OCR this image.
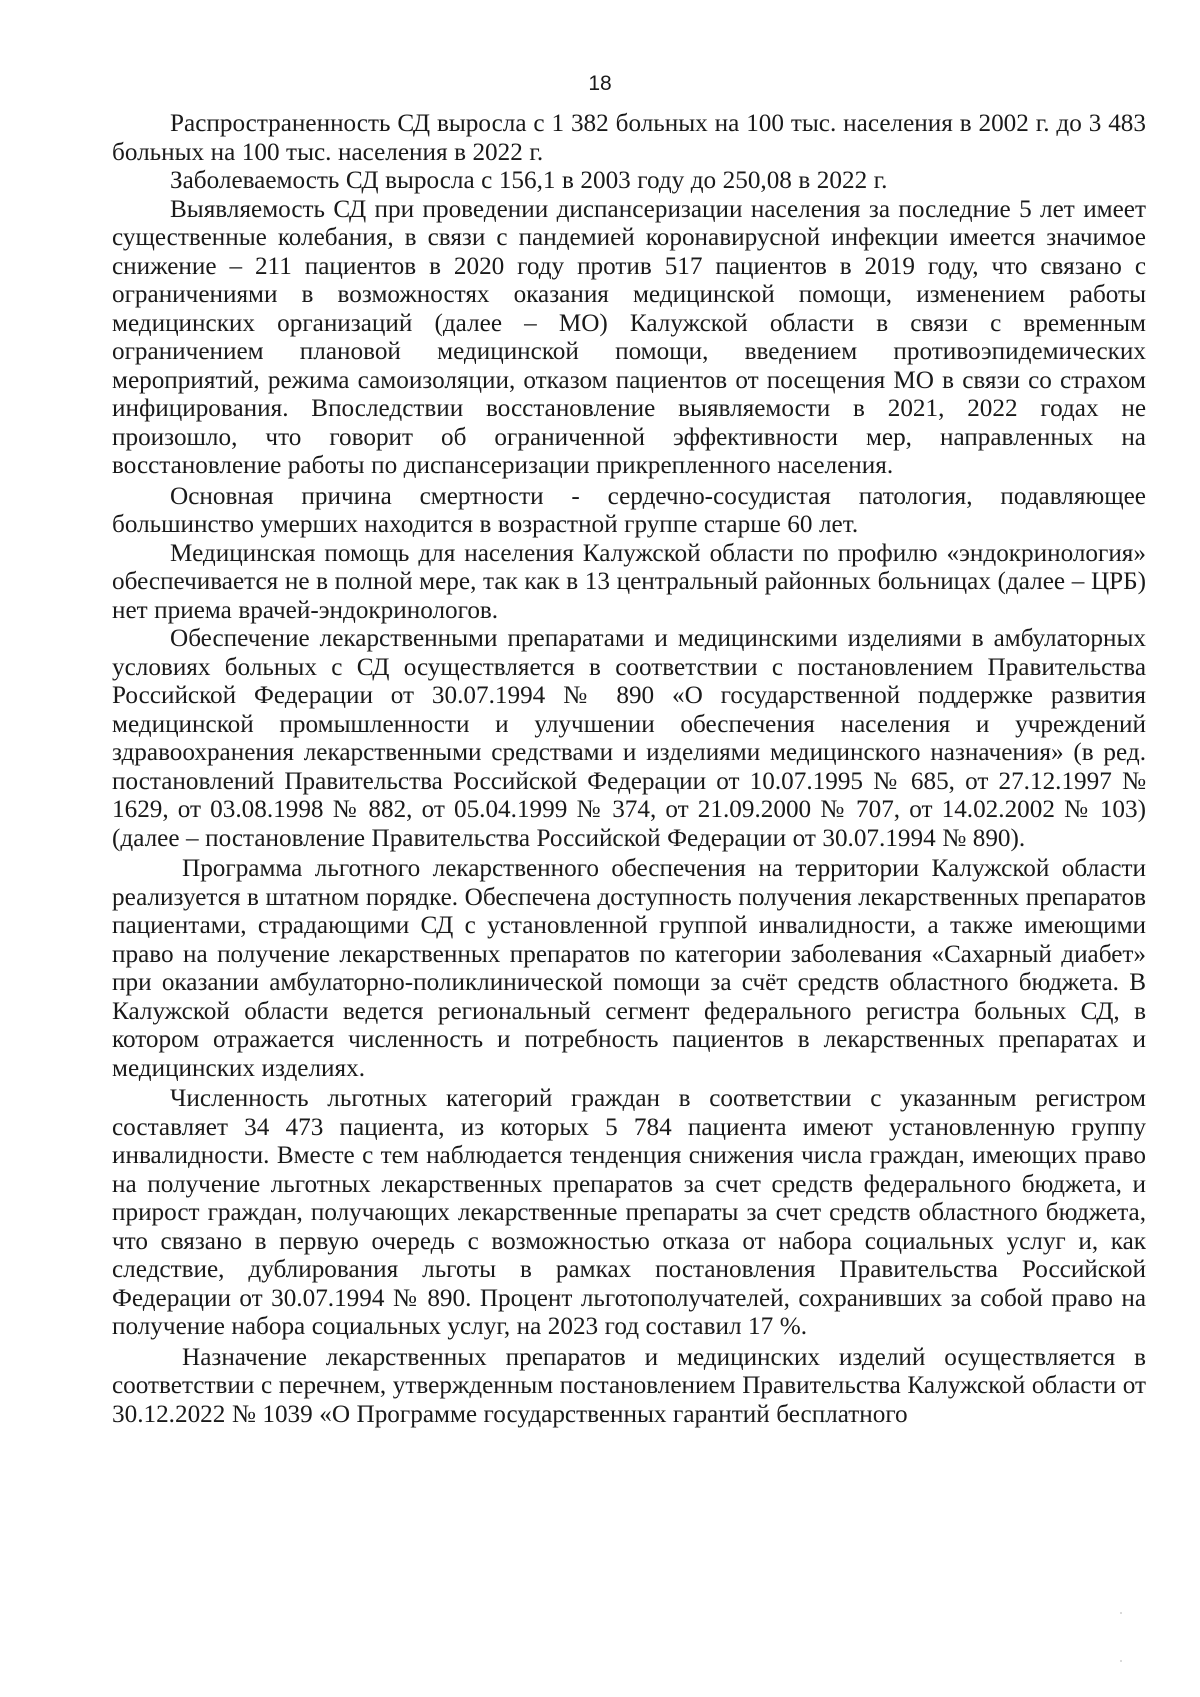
18

Распространенность СД выросла с 1 382 больных на 100 тыс. населения в 2002 г. до 3 483 больных на 100 тыс. населения в 2022 г.

Заболеваемость СД выросла с 156,1 в 2003 году до 250,08 в 2022 г.

Выявляемость СД при проведении диспансеризации населения за последние 5 лет имеет существенные колебания, в связи с пандемией коронавирусной инфекции имеется значимое снижение – 211 пациентов в 2020 году против 517 пациентов в 2019 году, что связано с ограничениями в возможностях оказания медицинской помощи, изменением работы медицинских организаций (далее – МО) Калужской области в связи с временным ограничением плановой медицинской помощи, введением противоэпидемических мероприятий, режима самоизоляции, отказом пациентов от посещения МО в связи со страхом инфицирования. Впоследствии восстановление выявляемости в 2021, 2022 годах не произошло, что говорит об ограниченной эффективности мер, направленных на восстановление работы по диспансеризации прикрепленного населения.

Основная причина смертности - сердечно-сосудистая патология, подавляющее большинство умерших находится в возрастной группе старше 60 лет.

Медицинская помощь для населения Калужской области по профилю «эндокринология» обеспечивается не в полной мере, так как в 13 центральный районных больницах (далее – ЦРБ) нет приема врачей-эндокринологов.

Обеспечение лекарственными препаратами и медицинскими изделиями в амбулаторных условиях больных с СД осуществляется в соответствии с постановлением Правительства Российской Федерации от 30.07.1994 № 890 «О государственной поддержке развития медицинской промышленности и улучшении обеспечения населения и учреждений здравоохранения лекарственными средствами и изделиями медицинского назначения» (в ред. постановлений Правительства Российской Федерации от 10.07.1995 № 685, от 27.12.1997 № 1629, от 03.08.1998 № 882, от 05.04.1999 № 374, от 21.09.2000 № 707, от 14.02.2002 № 103) (далее – постановление Правительства Российской Федерации от 30.07.1994 № 890).

Программа льготного лекарственного обеспечения на территории Калужской области реализуется в штатном порядке. Обеспечена доступность получения лекарственных препаратов пациентами, страдающими СД с установленной группой инвалидности, а также имеющими право на получение лекарственных препаратов по категории заболевания «Сахарный диабет» при оказании амбулаторно-поликлинической помощи за счёт средств областного бюджета. В Калужской области ведется региональный сегмент федерального регистра больных СД, в котором отражается численность и потребность пациентов в лекарственных препаратах и медицинских изделиях.

Численность льготных категорий граждан в соответствии с указанным регистром составляет 34 473 пациента, из которых 5 784 пациента имеют установленную группу инвалидности. Вместе с тем наблюдается тенденция снижения числа граждан, имеющих право на получение льготных лекарственных препаратов за счет средств федерального бюджета, и прирост граждан, получающих лекарственные препараты за счет средств областного бюджета, что связано в первую очередь с возможностью отказа от набора социальных услуг и, как следствие, дублирования льготы в рамках постановления Правительства Российской Федерации от 30.07.1994 № 890. Процент льготополучателей, сохранивших за собой право на получение набора социальных услуг, на 2023 год составил 17 %.

Назначение лекарственных препаратов и медицинских изделий осуществляется в соответствии с перечнем, утвержденным постановлением Правительства Калужской области от 30.12.2022 № 1039 «О Программе государственных гарантий бесплатного
